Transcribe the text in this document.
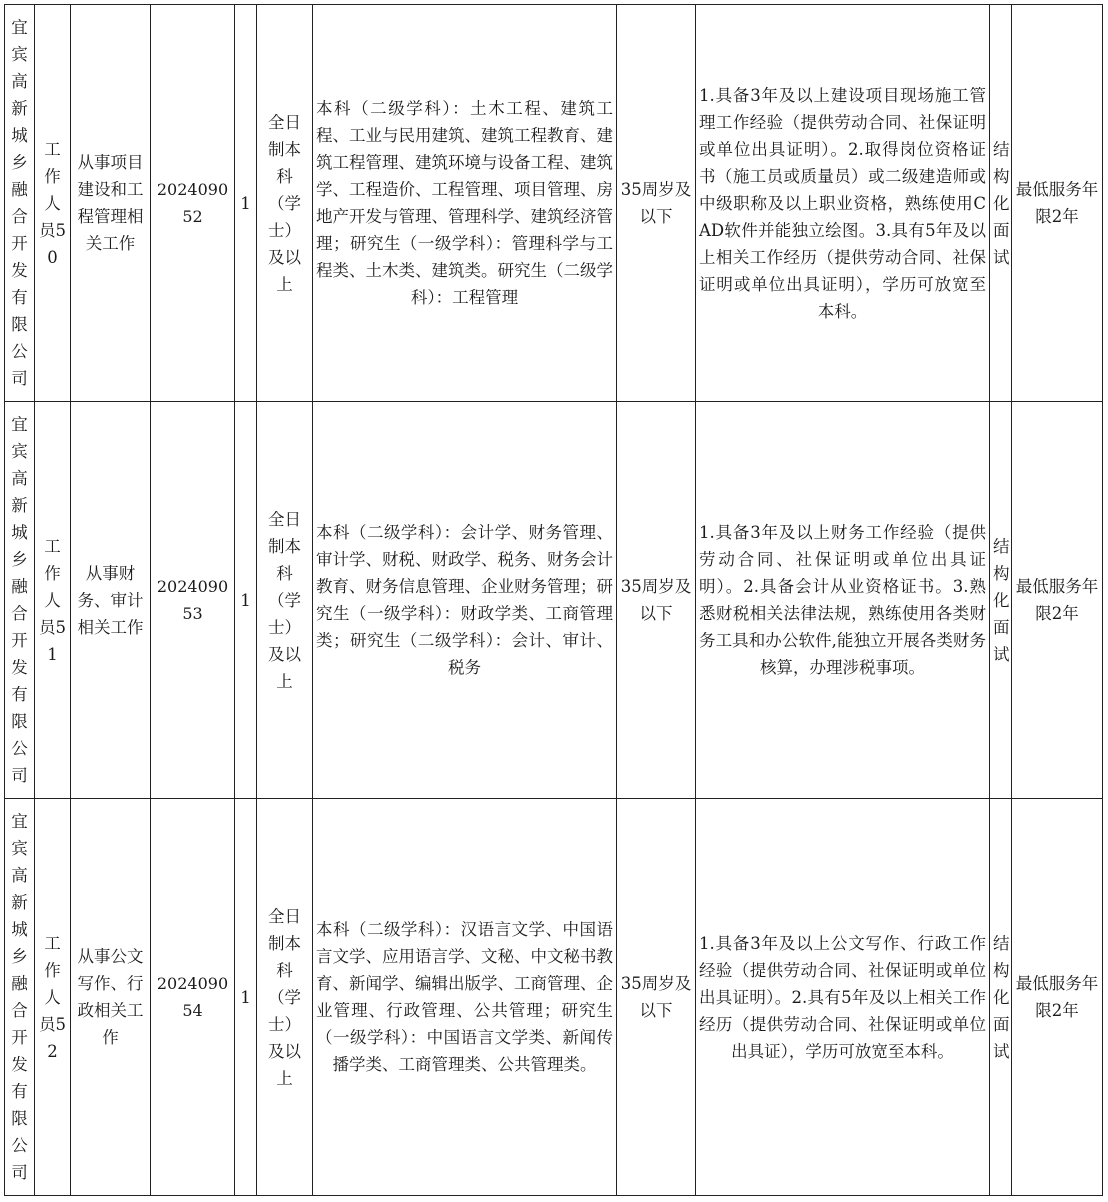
宜宾高新城乡融合开发有限公司	工作人员50	从事项目建设和工程管理相关工作	202409052	1	全日制本科（学士）及以上	本科（二级学科）：土木工程、建筑工程、工业与民用建筑、建筑工程教育、建筑工程管理、建筑环境与设备工程、建筑学、工程造价、工程管理、项目管理、房地产开发与管理、管理科学、建筑经济管理；研究生（一级学科）：管理科学与工程类、土木类、建筑类。研究生（二级学科）：工程管理	35周岁及以下	1.具备3年及以上建设项目现场施工管理工作经验（提供劳动合同、社保证明或单位出具证明）。2.取得岗位资格证书（施工员或质量员）或二级建造师或中级职称及以上职业资格，熟练使用CAD软件并能独立绘图。3.具有5年及以上相关工作经历（提供劳动合同、社保证明或单位出具证明），学历可放宽至本科。	结构化面试	最低服务年限2年
宜宾高新城乡融合开发有限公司	工作人员51	从事财务、审计相关工作	202409053	1	全日制本科（学士）及以上	本科（二级学科）：会计学、财务管理、审计学、财税、财政学、税务、财务会计教育、财务信息管理、企业财务管理；研究生（一级学科）：财政学类、工商管理类；研究生（二级学科）：会计、审计、税务	35周岁及以下	1.具备3年及以上财务工作经验（提供劳动合同、社保证明或单位出具证明）。2.具备会计从业资格证书。3.熟悉财税相关法律法规，熟练使用各类财务工具和办公软件,能独立开展各类财务核算，办理涉税事项。	结构化面试	最低服务年限2年
宜宾高新城乡融合开发有限公司	工作人员52	从事公文写作、行政相关工作	202409054	1	全日制本科（学士）及以上	本科（二级学科）：汉语言文学、中国语言文学、应用语言学、文秘、中文秘书教育、新闻学、编辑出版学、工商管理、企业管理、行政管理、公共管理；研究生（一级学科）：中国语言文学类、新闻传播学类、工商管理类、公共管理类。	35周岁及以下	1.具备3年及以上公文写作、行政工作经验（提供劳动合同、社保证明或单位出具证明）。2.具有5年及以上相关工作经历（提供劳动合同、社保证明或单位出具证），学历可放宽至本科。	结构化面试	最低服务年限2年
